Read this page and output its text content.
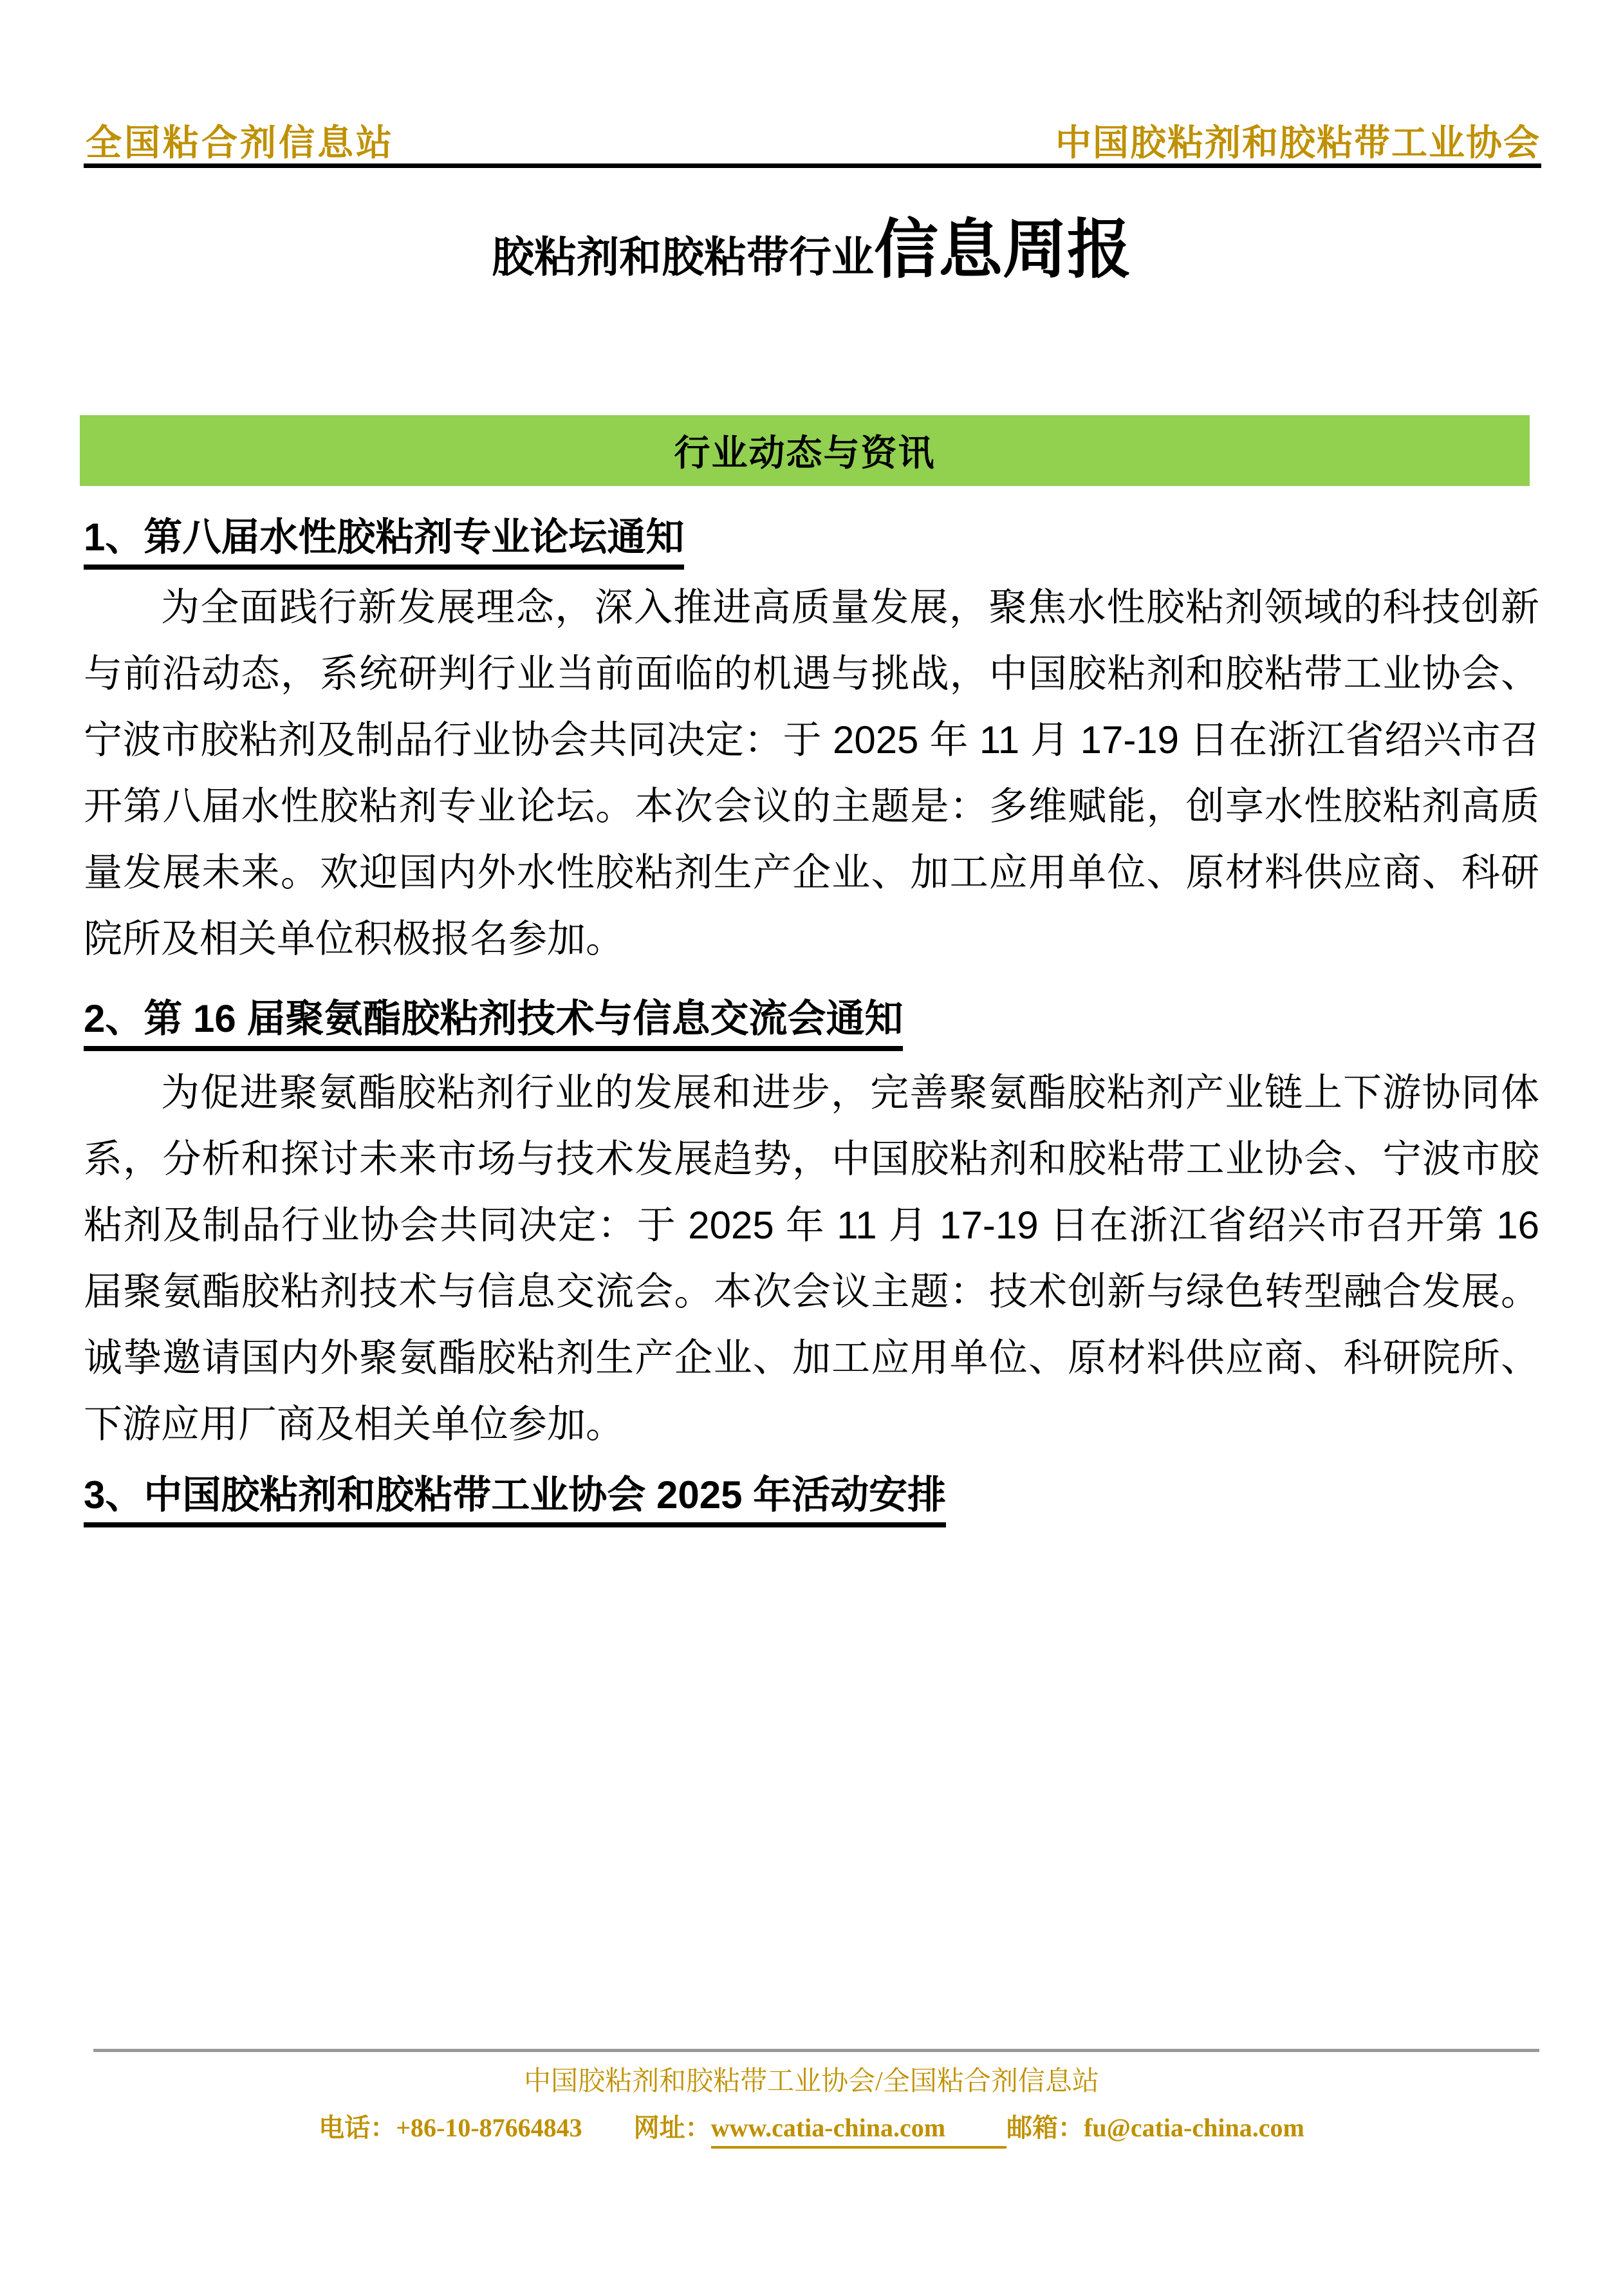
全国粘合剂信息站	中国胶粘剂和胶粘带工业协会
胶粘剂和胶粘带行业信息周报
行业动态与资讯
1、第八届水性胶粘剂专业论坛通知
为全面践行新发展理念，深入推进高质量发展，聚焦水性胶粘剂领域的科技创新与前沿动态，系统研判行业当前面临的机遇与挑战，中国胶粘剂和胶粘带工业协会、宁波市胶粘剂及制品行业协会共同决定：于 2025 年 11 月 17-19 日在浙江省绍兴市召开第八届水性胶粘剂专业论坛。本次会议的主题是：多维赋能，创享水性胶粘剂高质量发展未来。欢迎国内外水性胶粘剂生产企业、加工应用单位、原材料供应商、科研院所及相关单位积极报名参加。
2、第 16 届聚氨酯胶粘剂技术与信息交流会通知
为促进聚氨酯胶粘剂行业的发展和进步，完善聚氨酯胶粘剂产业链上下游协同体系，分析和探讨未来市场与技术发展趋势，中国胶粘剂和胶粘带工业协会、宁波市胶粘剂及制品行业协会共同决定：于 2025 年 11 月 17-19 日在浙江省绍兴市召开第 16 届聚氨酯胶粘剂技术与信息交流会。本次会议主题：技术创新与绿色转型融合发展。诚挚邀请国内外聚氨酯胶粘剂生产企业、加工应用单位、原材料供应商、科研院所、下游应用厂商及相关单位参加。
3、中国胶粘剂和胶粘带工业协会 2025 年活动安排
中国胶粘剂和胶粘带工业协会/全国粘合剂信息站
电话：+86-10-87664843 网址：www.catia-china.com 邮箱：fu@catia-china.com
